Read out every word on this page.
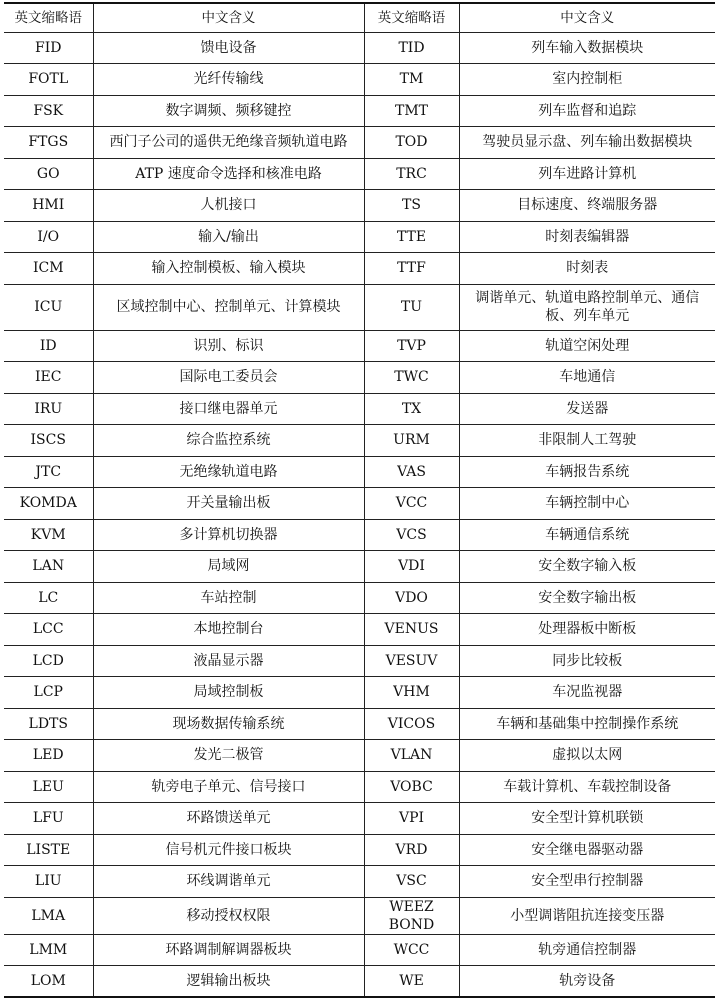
英文缩略语	中文含义	英文缩略语	中文含义
FID	馈电设备	TID	列车输入数据模块
FOTL	光纤传输线	TM	室内控制柜
FSK	数字调频、频移键控	TMT	列车监督和追踪
FTGS	西门子公司的遥供无绝缘音频轨道电路	TOD	驾驶员显示盘、列车输出数据模块
GO	ATP 速度命令选择和核准电路	TRC	列车进路计算机
HMI	人机接口	TS	目标速度、终端服务器
I/O	输入/输出	TTE	时刻表编辑器
ICM	输入控制模板、输入模块	TTF	时刻表
ICU	区域控制中心、控制单元、计算模块	TU	调谐单元、轨道电路控制单元、通信板、列车单元
ID	识别、标识	TVP	轨道空闲处理
IEC	国际电工委员会	TWC	车地通信
IRU	接口继电器单元	TX	发送器
ISCS	综合监控系统	URM	非限制人工驾驶
JTC	无绝缘轨道电路	VAS	车辆报告系统
KOMDA	开关量输出板	VCC	车辆控制中心
KVM	多计算机切换器	VCS	车辆通信系统
LAN	局域网	VDI	安全数字输入板
LC	车站控制	VDO	安全数字输出板
LCC	本地控制台	VENUS	处理器板中断板
LCD	液晶显示器	VESUV	同步比较板
LCP	局域控制板	VHM	车况监视器
LDTS	现场数据传输系统	VICOS	车辆和基础集中控制操作系统
LED	发光二极管	VLAN	虚拟以太网
LEU	轨旁电子单元、信号接口	VOBC	车载计算机、车载控制设备
LFU	环路馈送单元	VPI	安全型计算机联锁
LISTE	信号机元件接口板块	VRD	安全继电器驱动器
LIU	环线调谐单元	VSC	安全型串行控制器
LMA	移动授权权限	WEEZ BOND	小型调谐阻抗连接变压器
LMM	环路调制解调器板块	WCC	轨旁通信控制器
LOM	逻辑输出板块	WE	轨旁设备
